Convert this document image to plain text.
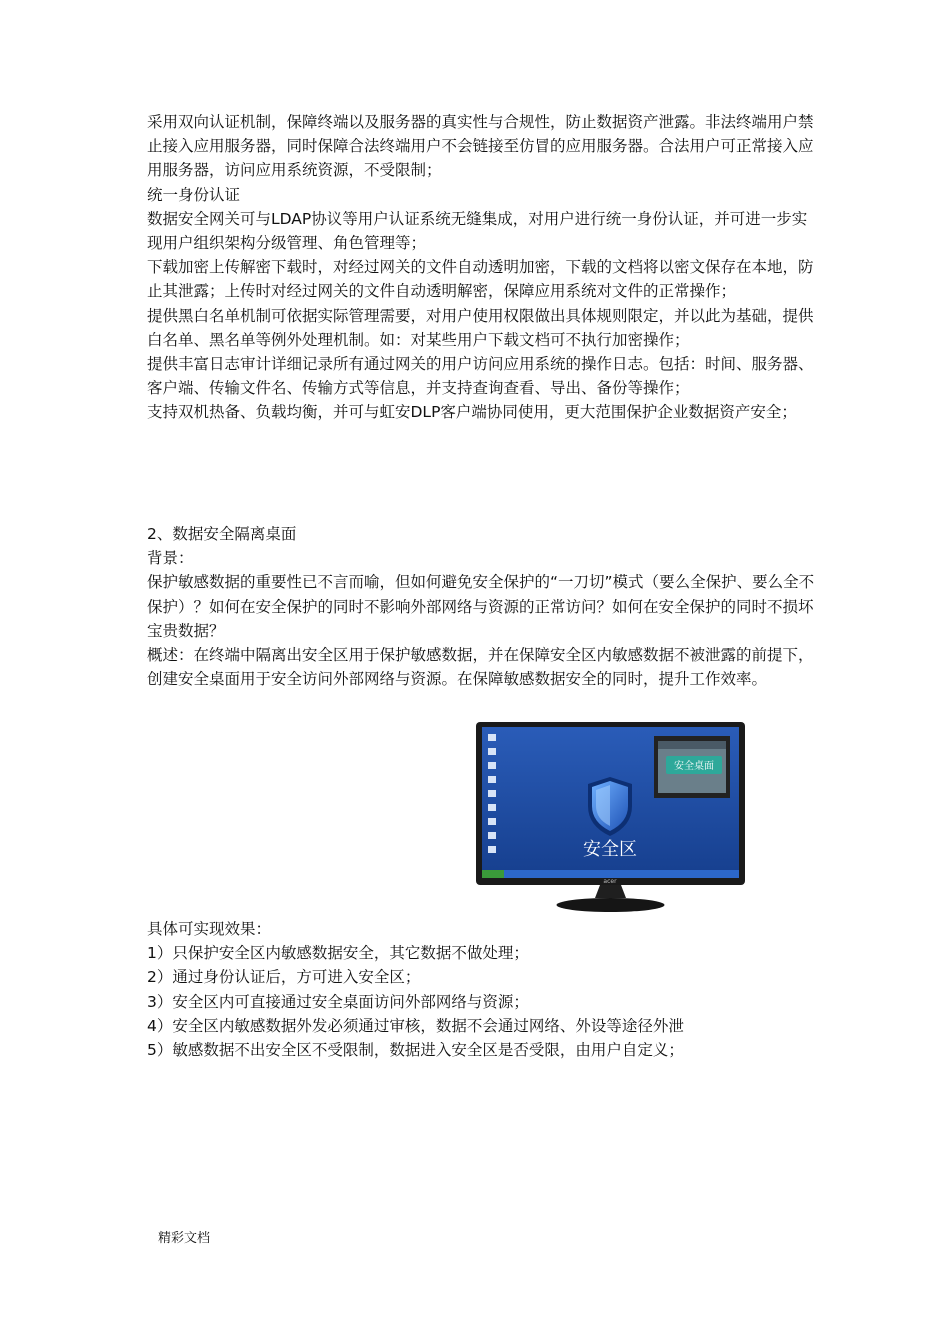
采用双向认证机制，保障终端以及服务器的真实性与合规性，防止数据资产泄露。非法终端用户禁止接入应用服务器，同时保障合法终端用户不会链接至仿冒的应用服务器。合法用户可正常接入应用服务器，访问应用系统资源，不受限制；

统一身份认证

数据安全网关可与LDAP协议等用户认证系统无缝集成，对用户进行统一身份认证，并可进一步实现用户组织架构分级管理、角色管理等；

下载加密上传解密下载时，对经过网关的文件自动透明加密，下载的文档将以密文保存在本地，防止其泄露；上传时对经过网关的文件自动透明解密，保障应用系统对文件的正常操作；

提供黑白名单机制可依据实际管理需要，对用户使用权限做出具体规则限定，并以此为基础，提供白名单、黑名单等例外处理机制。如：对某些用户下载文档可不执行加密操作；

提供丰富日志审计详细记录所有通过网关的用户访问应用系统的操作日志。包括：时间、服务器、客户端、传输文件名、传输方式等信息，并支持查询查看、导出、备份等操作；

支持双机热备、负载均衡，并可与虹安DLP客户端协同使用，更大范围保护企业数据资产安全；

2、数据安全隔离桌面

背景：

保护敏感数据的重要性已不言而喻，但如何避免安全保护的“一刀切”模式（要么全保护、要么全不保护）？如何在安全保护的同时不影响外部网络与资源的正常访问？如何在安全保护的同时不损坏宝贵数据？

概述：在终端中隔离出安全区用于保护敏感数据，并在保障安全区内敏感数据不被泄露的前提下，创建安全桌面用于安全访问外部网络与资源。在保障敏感数据安全的同时，提升工作效率。

安全桌面
安全区
acer

具体可实现效果：

1）只保护安全区内敏感数据安全，其它数据不做处理；

2）通过身份认证后，方可进入安全区；

3）安全区内可直接通过安全桌面访问外部网络与资源；

4）安全区内敏感数据外发必须通过审核，数据不会通过网络、外设等途径外泄

5）敏感数据不出安全区不受限制，数据进入安全区是否受限，由用户自定义；

精彩文档
